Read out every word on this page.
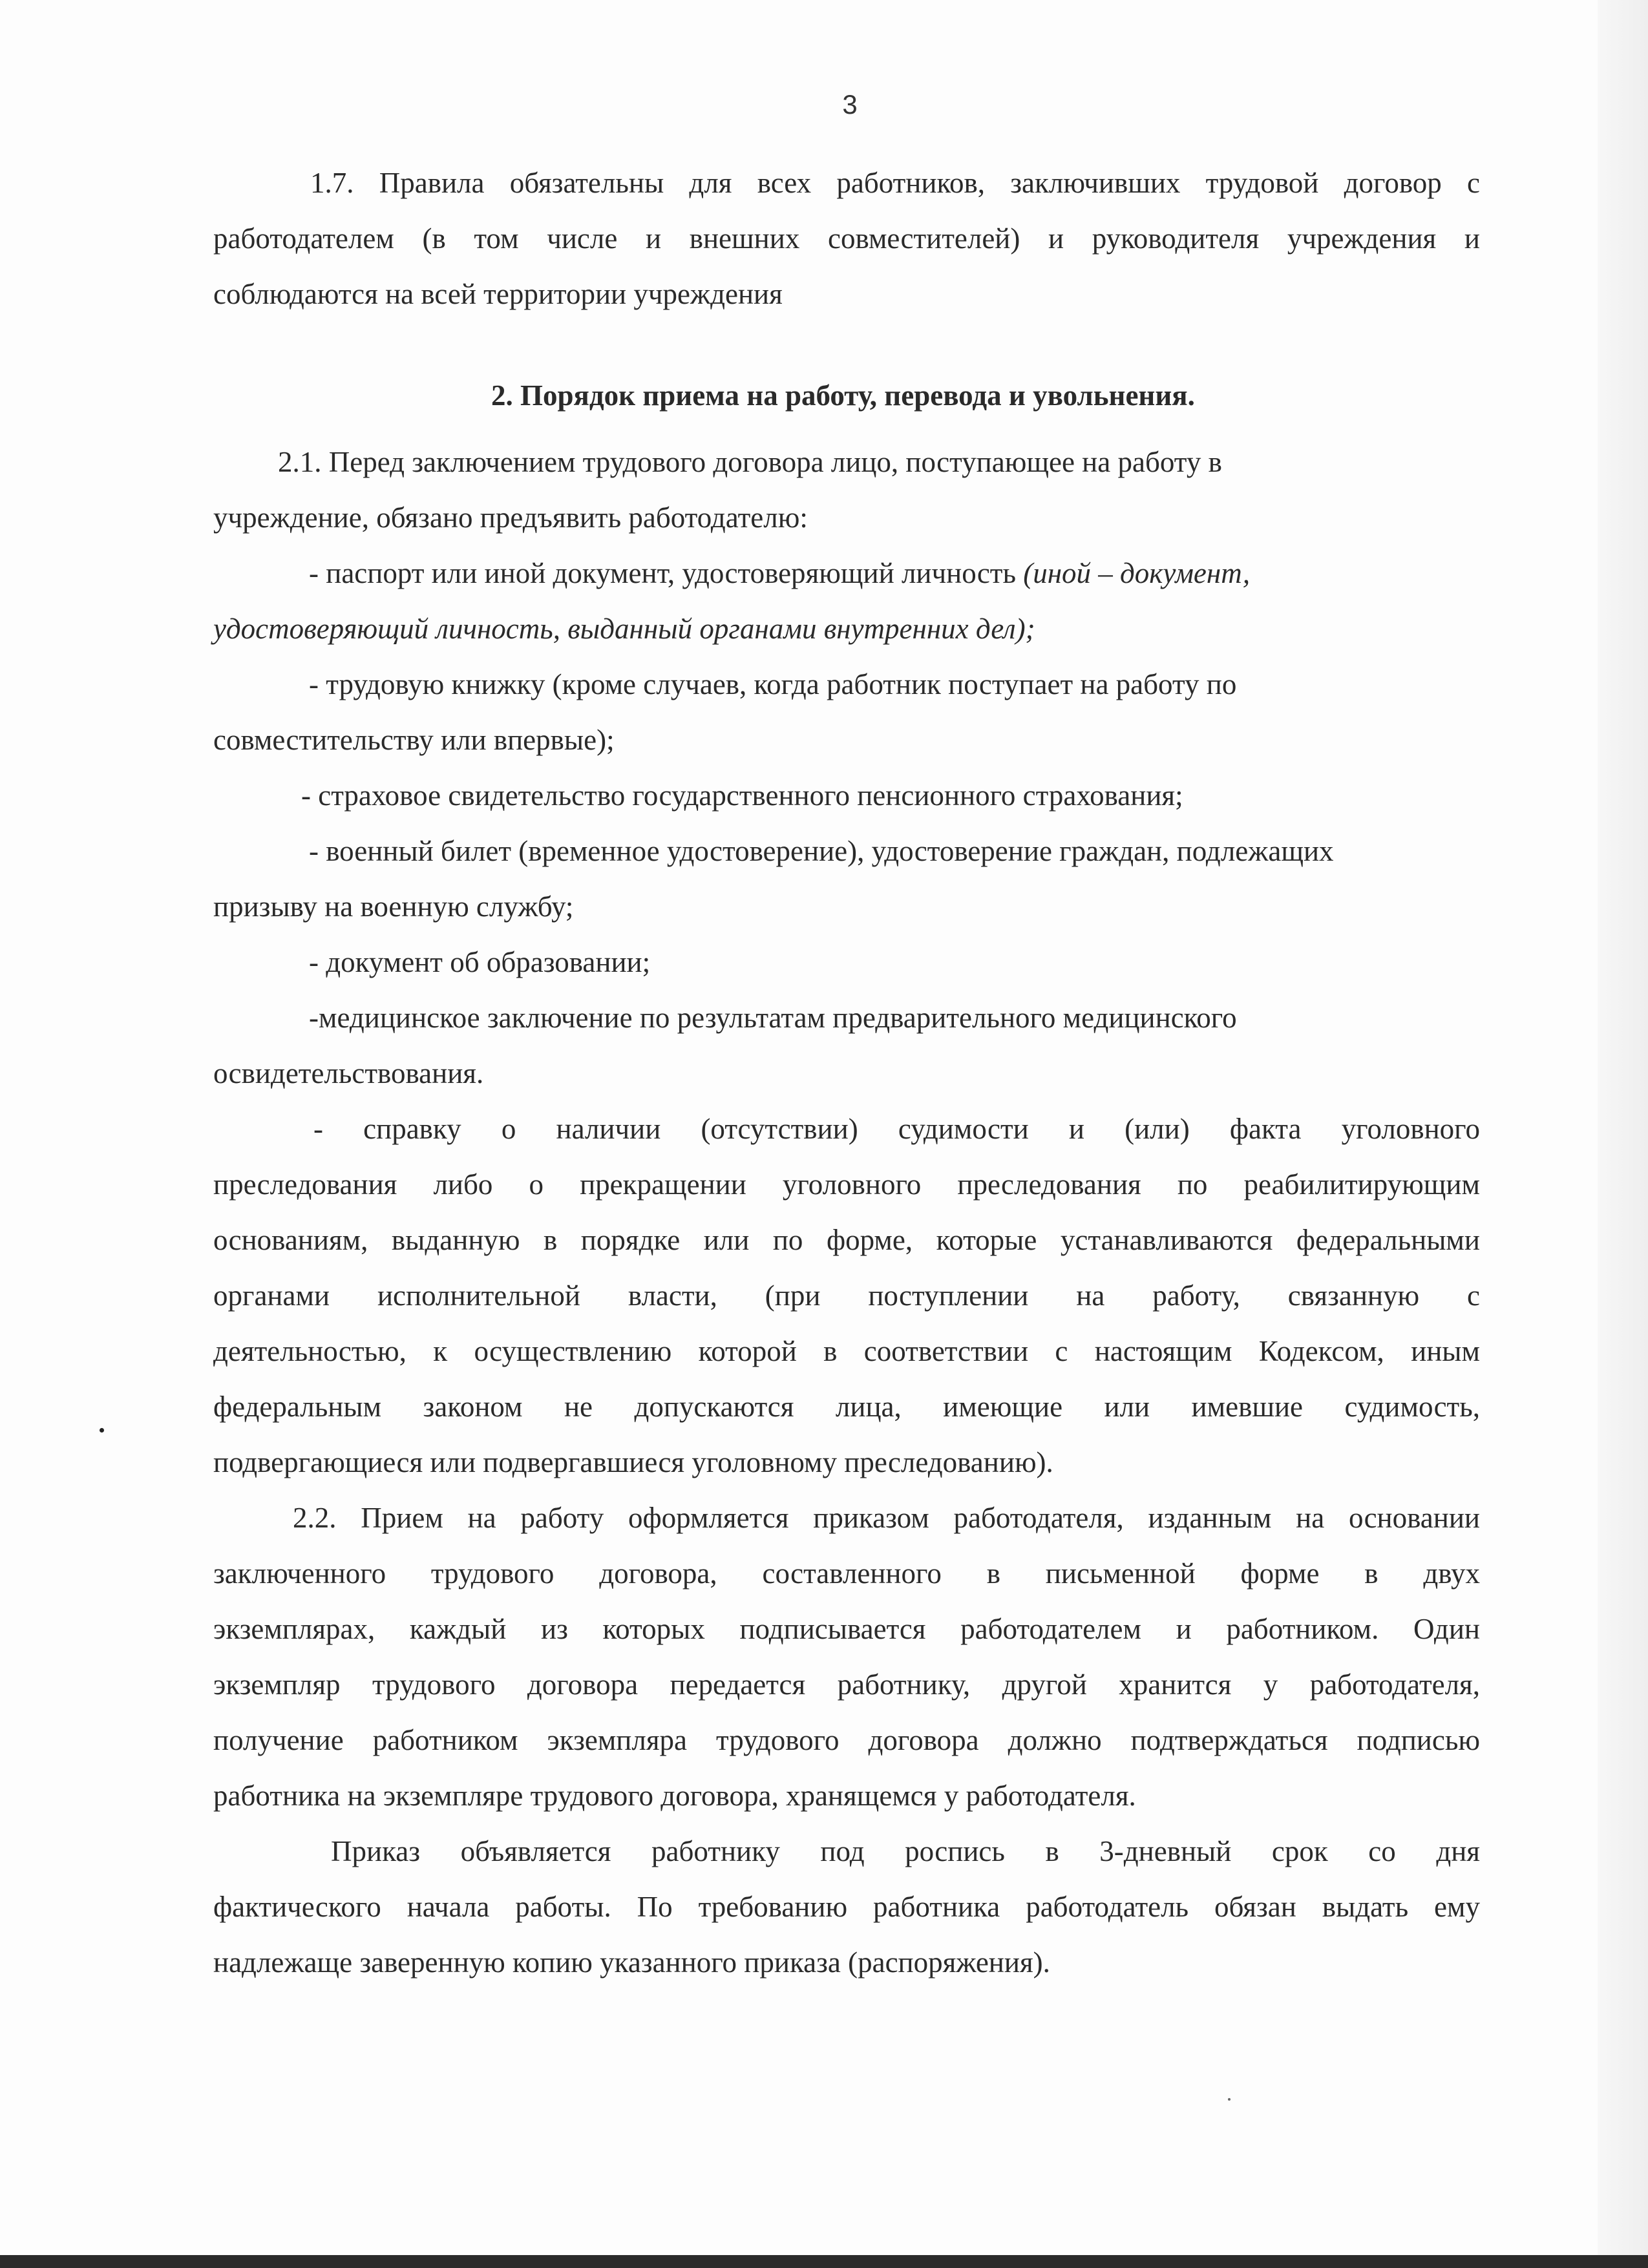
3
1.7. Правила обязательны для всех работников, заключивших трудовой договор с
работодателем (в том числе и внешних совместителей) и руководителя учреждения и
соблюдаются на всей территории учреждения
2. Порядок приема на работу, перевода и увольнения.
2.1. Перед заключением трудового договора лицо, поступающее на работу в
учреждение, обязано предъявить работодателю:
- паспорт или иной документ, удостоверяющий личность (иной – документ,
удостоверяющий личность, выданный органами внутренних дел);
- трудовую книжку (кроме случаев, когда работник поступает на работу по
совместительству или впервые);
- страховое свидетельство государственного пенсионного страхования;
- военный билет (временное удостоверение), удостоверение граждан, подлежащих
призыву на военную службу;
- документ об образовании;
-медицинское заключение по результатам предварительного медицинского
освидетельствования.
- справку о наличии (отсутствии) судимости и (или) факта уголовного
преследования либо о прекращении уголовного преследования по реабилитирующим
основаниям, выданную в порядке или по форме, которые устанавливаются федеральными
органами исполнительной власти, (при поступлении на работу, связанную с
деятельностью, к осуществлению которой в соответствии с настоящим Кодексом, иным
федеральным законом не допускаются лица, имеющие или имевшие судимость,
подвергающиеся или подвергавшиеся уголовному преследованию).
2.2. Прием на работу оформляется приказом работодателя, изданным на основании
заключенного трудового договора, составленного в письменной форме в двух
экземплярах, каждый из которых подписывается работодателем и работником. Один
экземпляр трудового договора передается работнику, другой хранится у работодателя,
получение работником экземпляра трудового договора должно подтверждаться подписью
работника на экземпляре трудового договора, хранящемся у работодателя.
Приказ объявляется работнику под роспись в 3-дневный срок со дня
фактического начала работы. По требованию работника работодатель обязан выдать ему
надлежаще заверенную копию указанного приказа (распоряжения).
